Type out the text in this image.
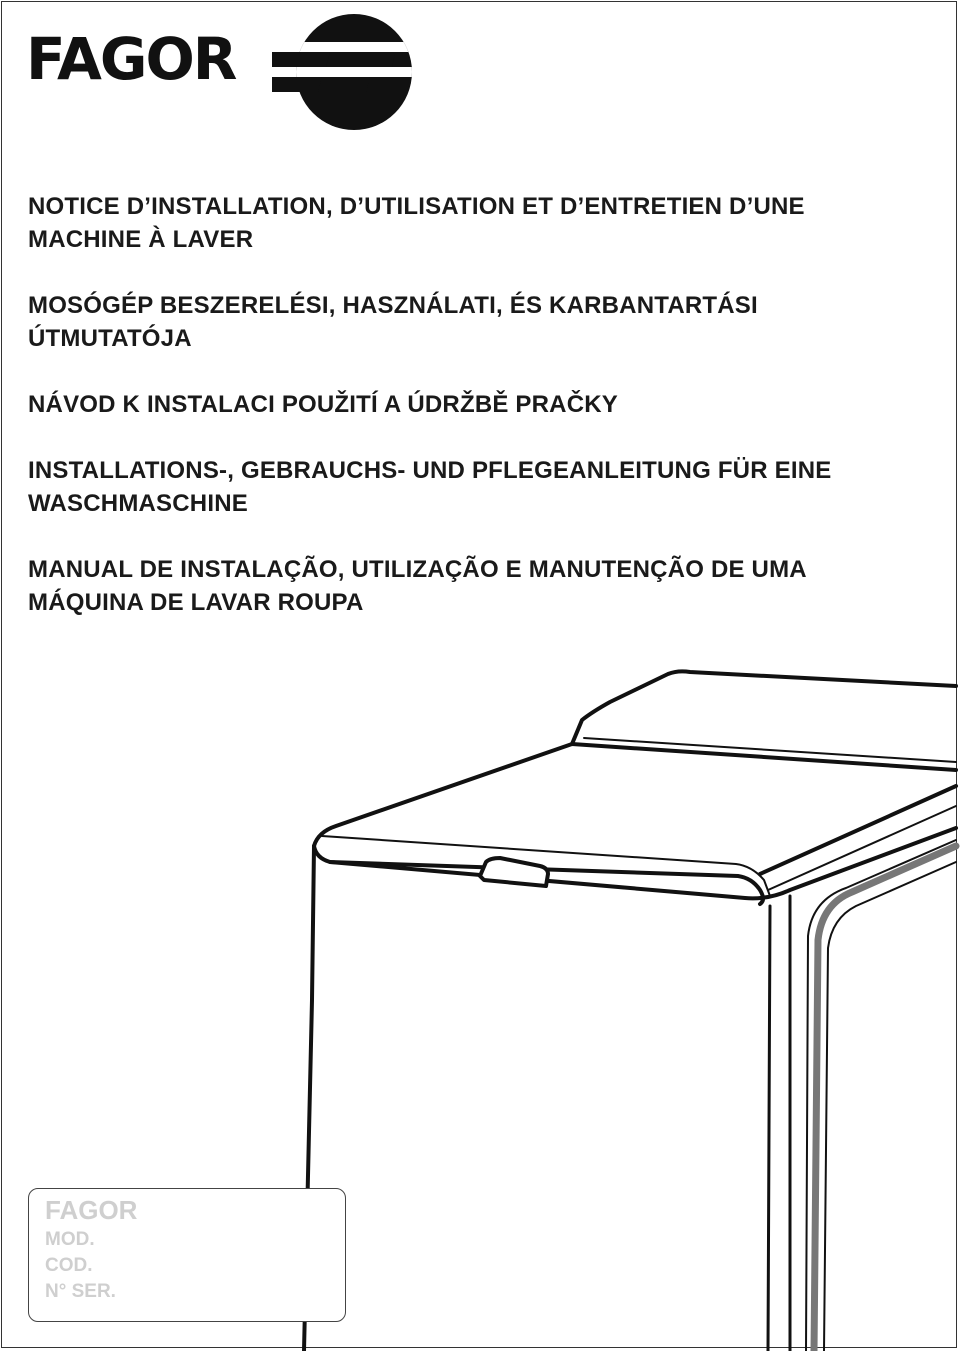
FAGOR
NOTICE D’INSTALLATION, D’UTILISATION ET D’ENTRETIEN D’UNE
MACHINE À LAVER
MOSÓGÉP BESZERELÉSI, HASZNÁLATI, ÉS KARBANTARTÁSI
ÚTMUTATÓJA
NÁVOD K INSTALACI POUŽITÍ A ÚDRŽBĚ PRAČKY
INSTALLATIONS-, GEBRAUCHS- UND PFLEGEANLEITUNG FÜR EINE
WASCHMASCHINE
MANUAL DE INSTALAÇÃO, UTILIZAÇÃO E MANUTENÇÃO DE UMA
MÁQUINA DE LAVAR ROUPA
FAGOR
MOD.
COD.
N° SER.
